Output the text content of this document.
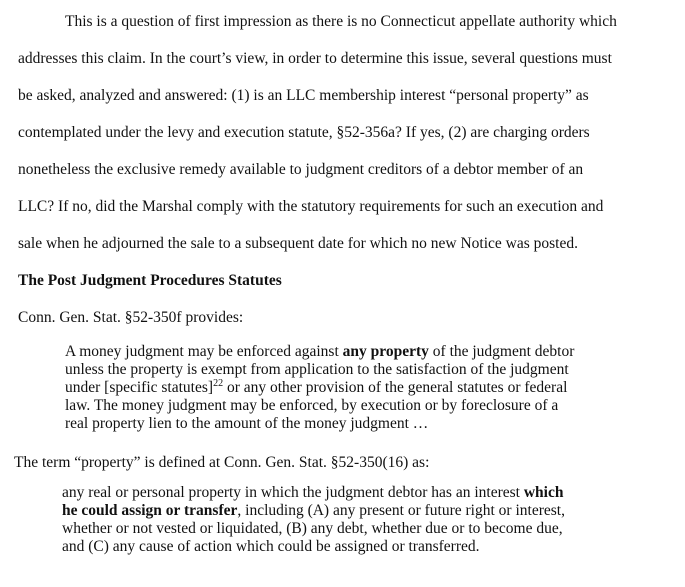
This is a question of first impression as there is no Connecticut appellate authority which
addresses this claim. In the court’s view, in order to determine this issue, several questions must
be asked, analyzed and answered: (1) is an LLC membership interest “personal property” as
contemplated under the levy and execution statute, §52-356a? If yes, (2) are charging orders
nonetheless the exclusive remedy available to judgment creditors of a debtor member of an
LLC? If no, did the Marshal comply with the statutory requirements for such an execution and
sale when he adjourned the sale to a subsequent date for which no new Notice was posted.
The Post Judgment Procedures Statutes
Conn. Gen. Stat. §52-350f provides:
A money judgment may be enforced against any property of the judgment debtor
unless the property is exempt from application to the satisfaction of the judgment
under [specific statutes]$^{22}$ or any other provision of the general statutes or federal
law. The money judgment may be enforced, by execution or by foreclosure of a
real property lien to the amount of the money judgment …
The term “property” is defined at Conn. Gen. Stat. §52-350(16) as:
any real or personal property in which the judgment debtor has an interest which
he could assign or transfer, including (A) any present or future right or interest,
whether or not vested or liquidated, (B) any debt, whether due or to become due,
and (C) any cause of action which could be assigned or transferred.
